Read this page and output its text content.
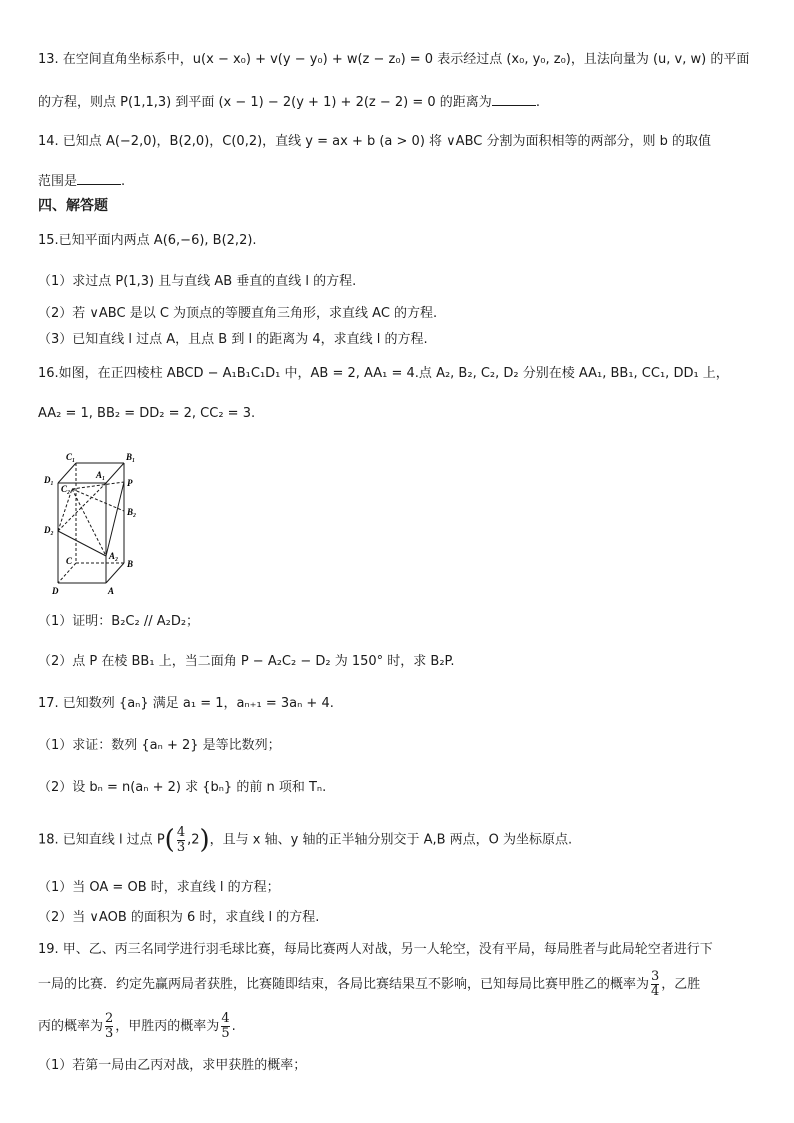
13. 在空间直角坐标系中，u(x − x₀) + v(y − y₀) + w(z − z₀) = 0 表示经过点 (x₀, y₀, z₀)，且法向量为 (u, v, w) 的平面
的方程，则点 P(1,1,3) 到平面 (x − 1) − 2(y + 1) + 2(z − 2) = 0 的距离为	.
14. 已知点 A(−2,0)，B(2,0)，C(0,2)，直线 y = ax + b (a > 0) 将 ∨ABC 分割为面积相等的两部分，则 b 的取值
范围是	.
四、解答题
15.已知平面内两点 A(6,−6), B(2,2).
（1）求过点 P(1,3) 且与直线 AB 垂直的直线 l 的方程.
（2）若 ∨ABC 是以 C 为顶点的等腰直角三角形，求直线 AC 的方程.
（3）已知直线 l 过点 A，且点 B 到 l 的距离为 4，求直线 l 的方程.
16.如图，在正四棱柱 ABCD − A₁B₁C₁D₁ 中，AB = 2, AA₁ = 4.点 A₂, B₂, C₂, D₂ 分别在棱 AA₁, BB₁, CC₁, DD₁ 上，
AA₂ = 1, BB₂ = DD₂ = 2, CC₂ = 3.
C₁	B₁
A₁
D₁
C₂
P
B₂
D₂
C	A₂
B
D	A
（1）证明：B₂C₂ // A₂D₂；
（2）点 P 在棱 BB₁ 上，当二面角 P − A₂C₂ − D₂ 为 150° 时，求 B₂P.
17. 已知数列 {aₙ} 满足 a₁ = 1，aₙ₊₁ = 3aₙ + 4.
（1）求证：数列 {aₙ + 2} 是等比数列；
（2）设 bₙ = n(aₙ + 2) 求 {bₙ} 的前 n 项和 Tₙ.
18. 已知直线 l 过点 $P( \frac{4}{3} ,2)$，且与 x 轴、y 轴的正半轴分别交于 A,B 两点，O 为坐标原点.
（1）当 OA = OB 时，求直线 l 的方程；
（2）当 ∨AOB 的面积为 6 时，求直线 l 的方程.
19. 甲、乙、丙三名同学进行羽毛球比赛，每局比赛两人对战，另一人轮空，没有平局，每局胜者与此局轮空者进行下
一局的比赛．约定先赢两局者获胜，比赛随即结束，各局比赛结果互不影响，已知每局比赛甲胜乙的概率为 $\frac{3}{4}$ ，乙胜
丙的概率为 $\frac{2}{3}$ ，甲胜丙的概率为 $\frac{4}{5}$ .
（1）若第一局由乙丙对战，求甲获胜的概率；
